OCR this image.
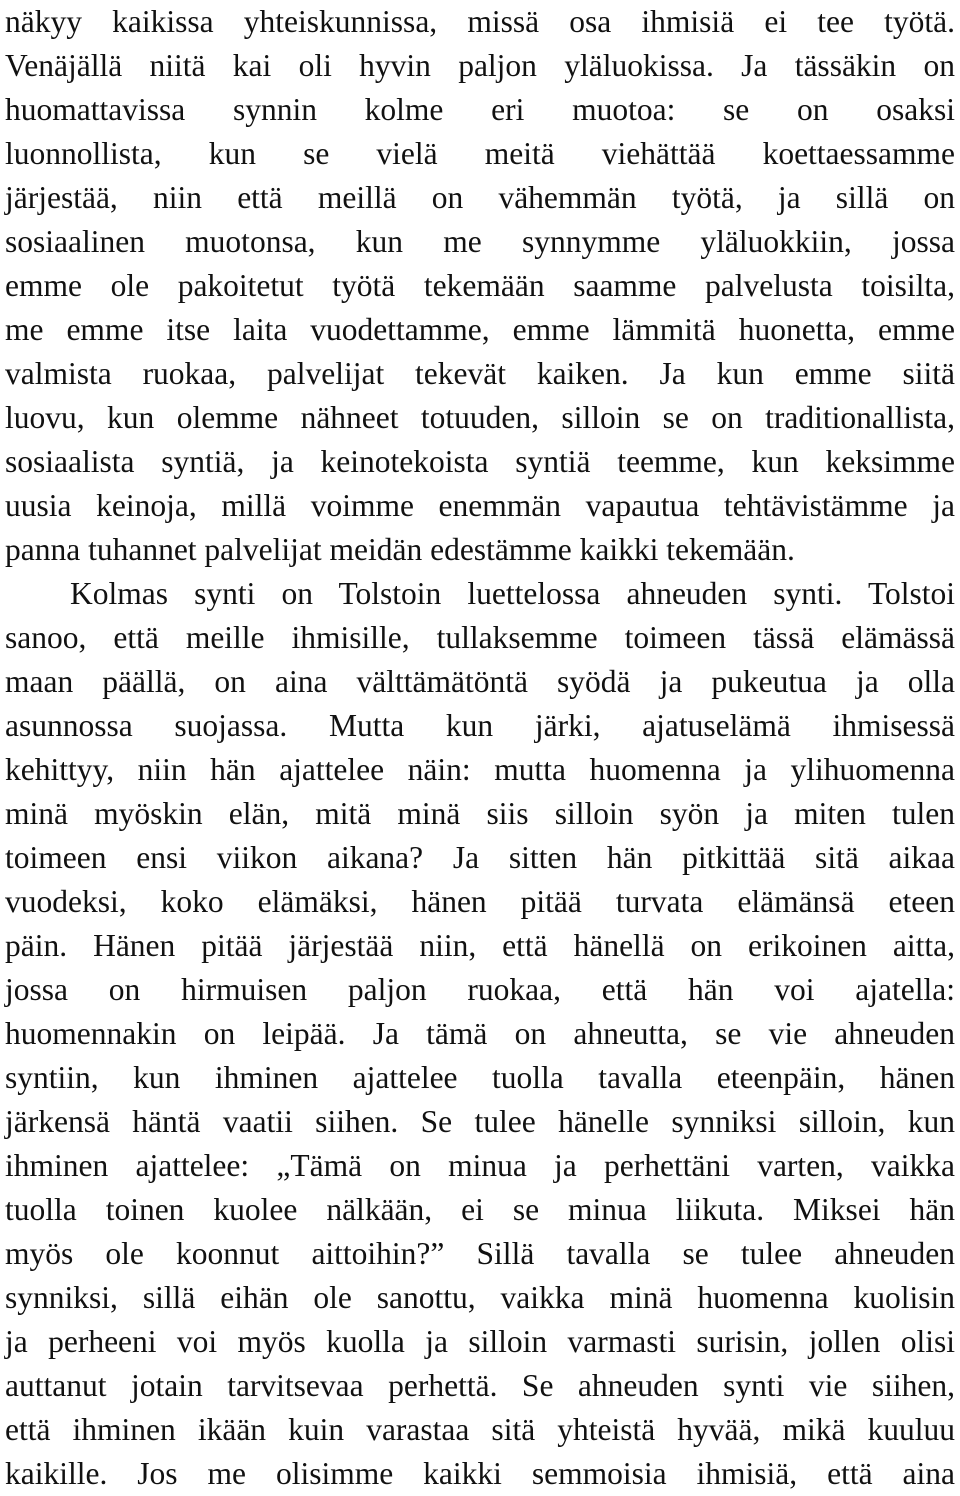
näkyy kaikissa yhteiskunnissa, missä osa ihmisiä ei tee työtä.
Venäjällä niitä kai oli hyvin paljon yläluokissa. Ja tässäkin on
huomattavissa synnin kolme eri muotoa: se on osaksi
luonnollista, kun se vielä meitä viehättää koettaessamme
järjestää, niin että meillä on vähemmän työtä, ja sillä on
sosiaalinen muotonsa, kun me synnymme yläluokkiin, jossa
emme ole pakoitetut työtä tekemään saamme palvelusta toisilta,
me emme itse laita vuodettamme, emme lämmitä huonetta, emme
valmista ruokaa, palvelijat tekevät kaiken. Ja kun emme siitä
luovu, kun olemme nähneet totuuden, silloin se on traditionallista,
sosiaalista syntiä, ja keinotekoista syntiä teemme, kun keksimme
uusia keinoja, millä voimme enemmän vapautua tehtävistämme ja
panna tuhannet palvelijat meidän edestämme kaikki tekemään.
Kolmas synti on Tolstoin luettelossa ahneuden synti. Tolstoi
sanoo, että meille ihmisille, tullaksemme toimeen tässä elämässä
maan päällä, on aina välttämätöntä syödä ja pukeutua ja olla
asunnossa suojassa. Mutta kun järki, ajatuselämä ihmisessä
kehittyy, niin hän ajattelee näin: mutta huomenna ja ylihuomenna
minä myöskin elän, mitä minä siis silloin syön ja miten tulen
toimeen ensi viikon aikana? Ja sitten hän pitkittää sitä aikaa
vuodeksi, koko elämäksi, hänen pitää turvata elämänsä eteen
päin. Hänen pitää järjestää niin, että hänellä on erikoinen aitta,
jossa on hirmuisen paljon ruokaa, että hän voi ajatella:
huomennakin on leipää. Ja tämä on ahneutta, se vie ahneuden
syntiin, kun ihminen ajattelee tuolla tavalla eteenpäin, hänen
järkensä häntä vaatii siihen. Se tulee hänelle synniksi silloin, kun
ihminen ajattelee: „Tämä on minua ja perhettäni varten, vaikka
tuolla toinen kuolee nälkään, ei se minua liikuta. Miksei hän
myös ole koonnut aittoihin?” Sillä tavalla se tulee ahneuden
synniksi, sillä eihän ole sanottu, vaikka minä huomenna kuolisin
ja perheeni voi myös kuolla ja silloin varmasti surisin, jollen olisi
auttanut jotain tarvitsevaa perhettä. Se ahneuden synti vie siihen,
että ihminen ikään kuin varastaa sitä yhteistä hyvää, mikä kuuluu
kaikille. Jos me olisimme kaikki semmoisia ihmisiä, että aina
